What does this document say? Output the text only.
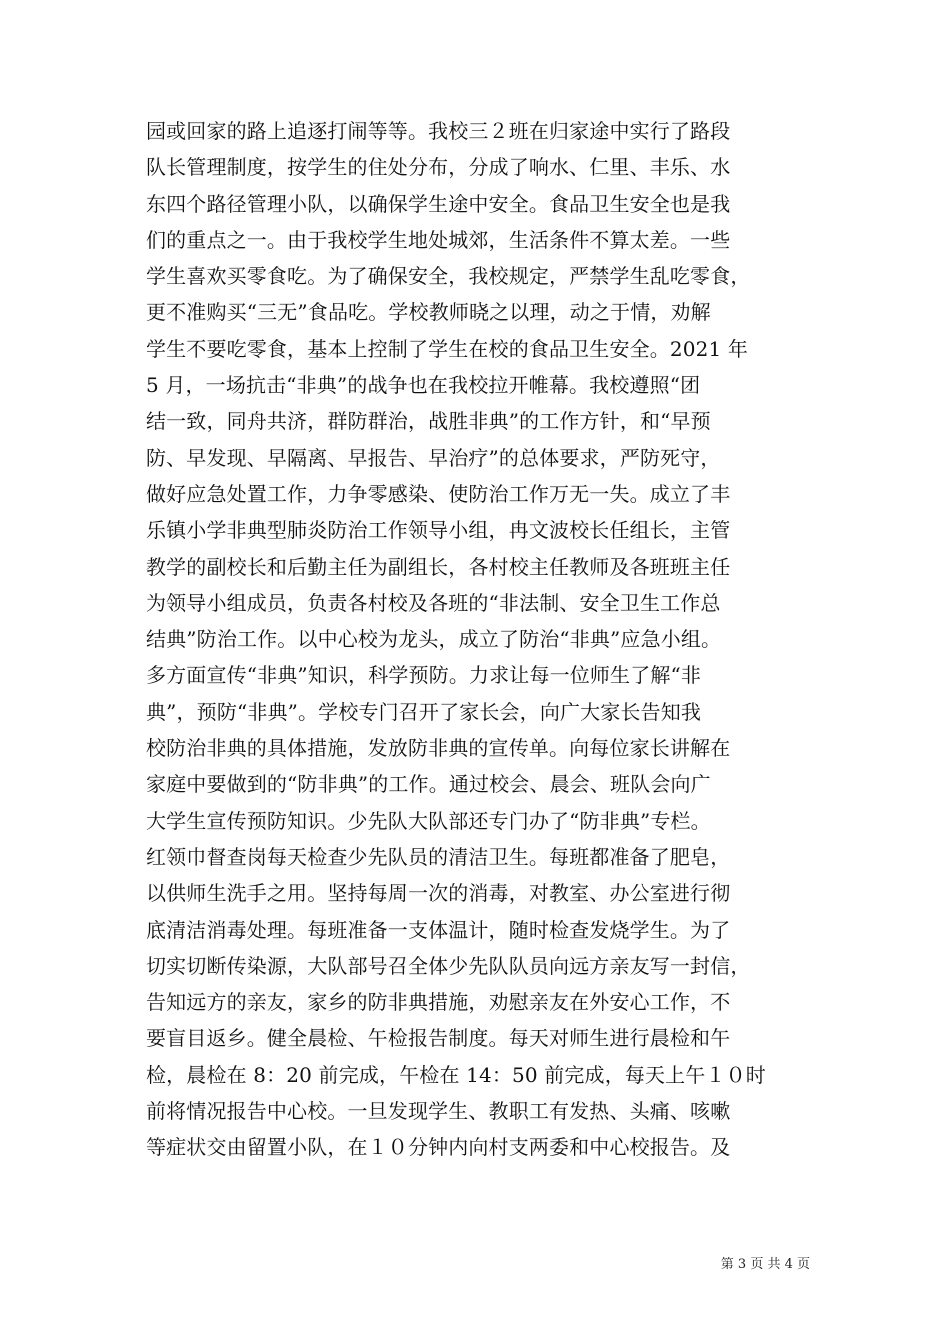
园或回家的路上追逐打闹等等。我校三２班在归家途中实行了路段
队长管理制度，按学生的住处分布，分成了响水、仁里、丰乐、水
东四个路径管理小队，以确保学生途中安全。食品卫生安全也是我
们的重点之一。由于我校学生地处城郊，生活条件不算太差。一些
学生喜欢买零食吃。为了确保安全，我校规定，严禁学生乱吃零食，
更不准购买“三无”食品吃。学校教师晓之以理，动之于情，劝解
学生不要吃零食，基本上控制了学生在校的食品卫生安全。2021 年
5 月，一场抗击“非典”的战争也在我校拉开帷幕。我校遵照“团
结一致，同舟共济，群防群治，战胜非典”的工作方针，和“早预
防、早发现、早隔离、早报告、早治疗”的总体要求，严防死守，
做好应急处置工作，力争零感染、使防治工作万无一失。成立了丰
乐镇小学非典型肺炎防治工作领导小组，冉文波校长任组长，主管
教学的副校长和后勤主任为副组长，各村校主任教师及各班班主任
为领导小组成员，负责各村校及各班的“非法制、安全卫生工作总
结典”防治工作。以中心校为龙头，成立了防治“非典”应急小组。
多方面宣传“非典”知识，科学预防。力求让每一位师生了解“非
典”，预防“非典”。学校专门召开了家长会，向广大家长告知我
校防治非典的具体措施，发放防非典的宣传单。向每位家长讲解在
家庭中要做到的“防非典”的工作。通过校会、晨会、班队会向广
大学生宣传预防知识。少先队大队部还专门办了“防非典”专栏。
红领巾督查岗每天检查少先队员的清洁卫生。每班都准备了肥皂，
以供师生洗手之用。坚持每周一次的消毒，对教室、办公室进行彻
底清洁消毒处理。每班准备一支体温计，随时检查发烧学生。为了
切实切断传染源，大队部号召全体少先队队员向远方亲友写一封信，
告知远方的亲友，家乡的防非典措施，劝慰亲友在外安心工作，不
要盲目返乡。健全晨检、午检报告制度。每天对师生进行晨检和午
检，晨检在 8：20 前完成，午检在 14：50 前完成，每天上午１０时
前将情况报告中心校。一旦发现学生、教职工有发热、头痛、咳嗽
等症状交由留置小队，在１０分钟内向村支两委和中心校报告。及
第 3 页 共 4 页
